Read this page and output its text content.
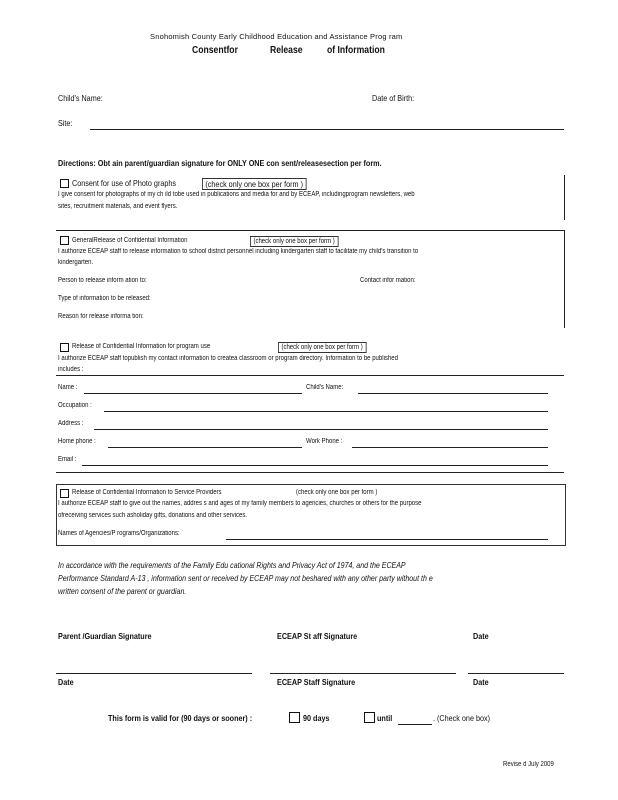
Snohomish County Early Childhood Education and Assistance Prog ram
Consentfor	Release of Information
Child's Name:	Date of Birth:
Site:
Directions: Obt ain parent/guardian signature for ONLY ONE con sent/releasesection per form.
Consent for use of Photo graphs	(check only one box per form )
I give consent for photographs of my ch ild tobe used in publications and media for and by ECEAP, includingprogram newsletters, web
sites, recruitment materials, and event flyers.
GeneralRelease of Confidential Information	(check only one box per form )
I authorize ECEAP staff to release information to school district personnel including kindergarten staff to facilitate my child's transition to
kindergarten.
Person to release inform ation to:	Contact infor mation:
Type of information to be released:
Reason for release informa tion:
Release of Confidential Information for program use	(check only one box per form )
I authorize ECEAP staff topublish my contact information to createa classroom or program directory. Information to be published
includes :
Name :	Child's Name:
Occupation :
Address :
Home phone :	Work Phone :
Email :
Release of Confidential Information to Service Providers	(check only one box per form )
I authorize ECEAP staff to give out the names, addres s and ages of my family members to agencies, churches or others for the purpose
ofreceiving services such asholiday gifts, donations and other services.
Names of Agencies/P rograms/Organizations:
In accordance with the requirements of the Family Edu cational Rights and Privacy Act of 1974, and the ECEAP
Performance Standard A-13 , information sent or received by ECEAP may not beshared with any other party without th e
written consent of the parent or guardian.
Parent /Guardian Signature	ECEAP St aff Signature	Date
Date	ECEAP Staff Signature	Date
This form is valid for (90 days or sooner) :	90 days	until	. (Check one box)
Revise d July 2009
